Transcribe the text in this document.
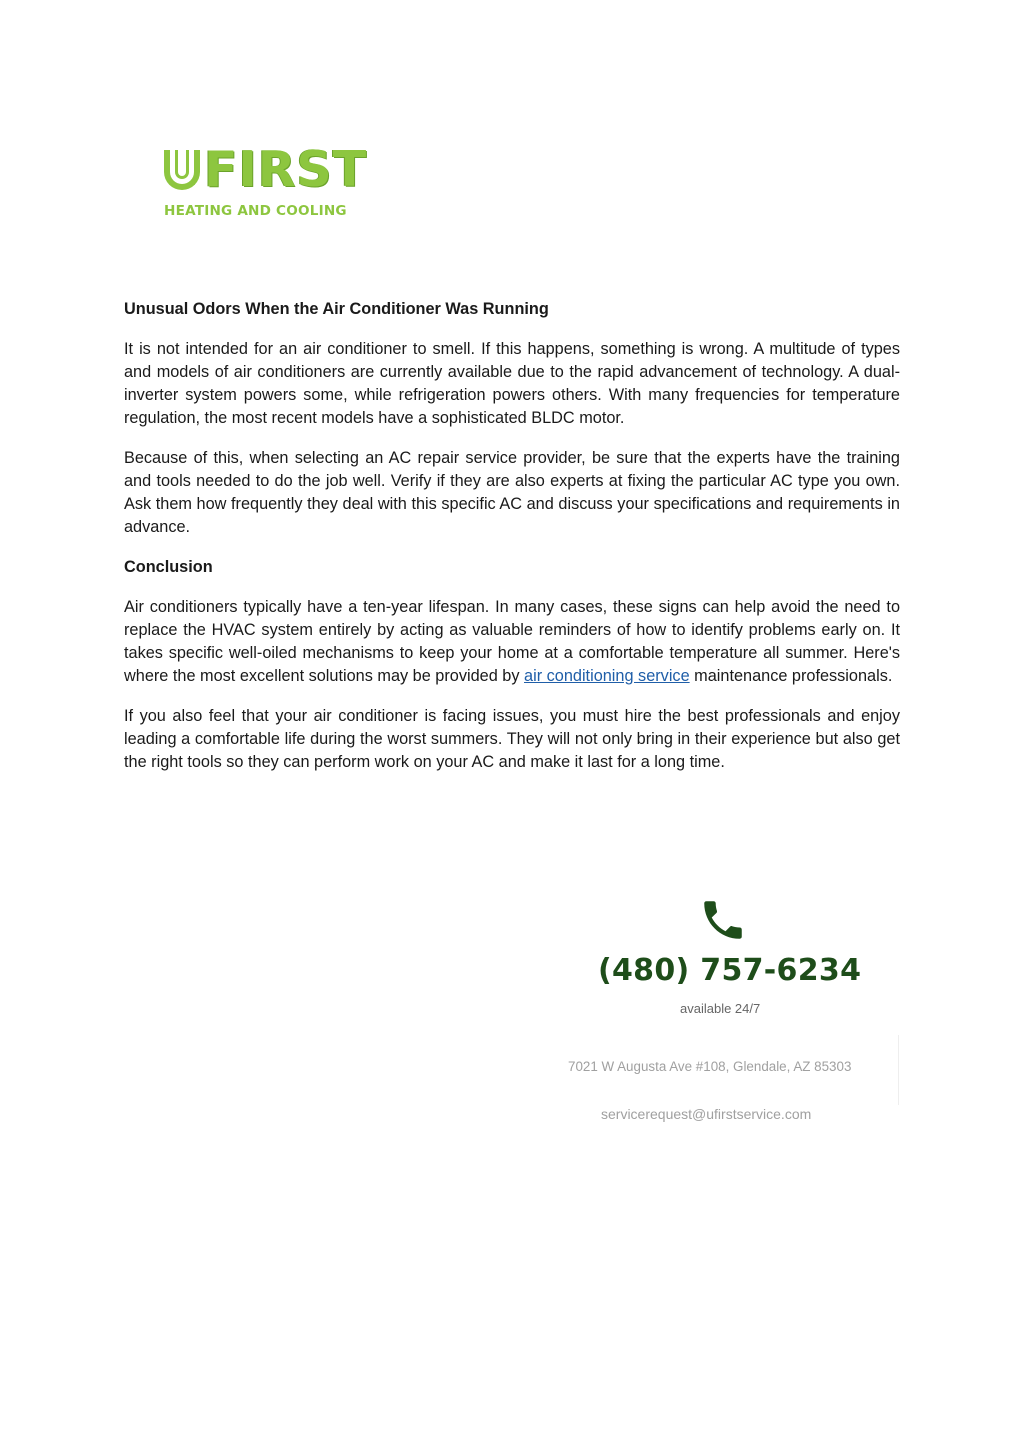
FIRST
HEATING AND COOLING
Unusual Odors When the Air Conditioner Was Running

It is not intended for an air conditioner to smell. If this happens, something is wrong. A multitude of types and models of air conditioners are currently available due to the rapid advancement of technology. A dual-inverter system powers some, while refrigeration powers others. With many frequencies for temperature regulation, the most recent models have a sophisticated BLDC motor.

Because of this, when selecting an AC repair service provider, be sure that the experts have the training and tools needed to do the job well. Verify if they are also experts at fixing the particular AC type you own. Ask them how frequently they deal with this specific AC and discuss your specifications and requirements in advance.

Conclusion

Air conditioners typically have a ten-year lifespan. In many cases, these signs can help avoid the need to replace the HVAC system entirely by acting as valuable reminders of how to identify problems early on. It takes specific well-oiled mechanisms to keep your home at a comfortable temperature all summer. Here's where the most excellent solutions may be provided by air conditioning service maintenance professionals.

If you also feel that your air conditioner is facing issues, you must hire the best professionals and enjoy leading a comfortable life during the worst summers. They will not only bring in their experience but also get the right tools so they can perform work on your AC and make it last for a long time.

(480) 757-6234
available 24/7
7021 W Augusta Ave #108, Glendale, AZ 85303
servicerequest@ufirstservice.com
